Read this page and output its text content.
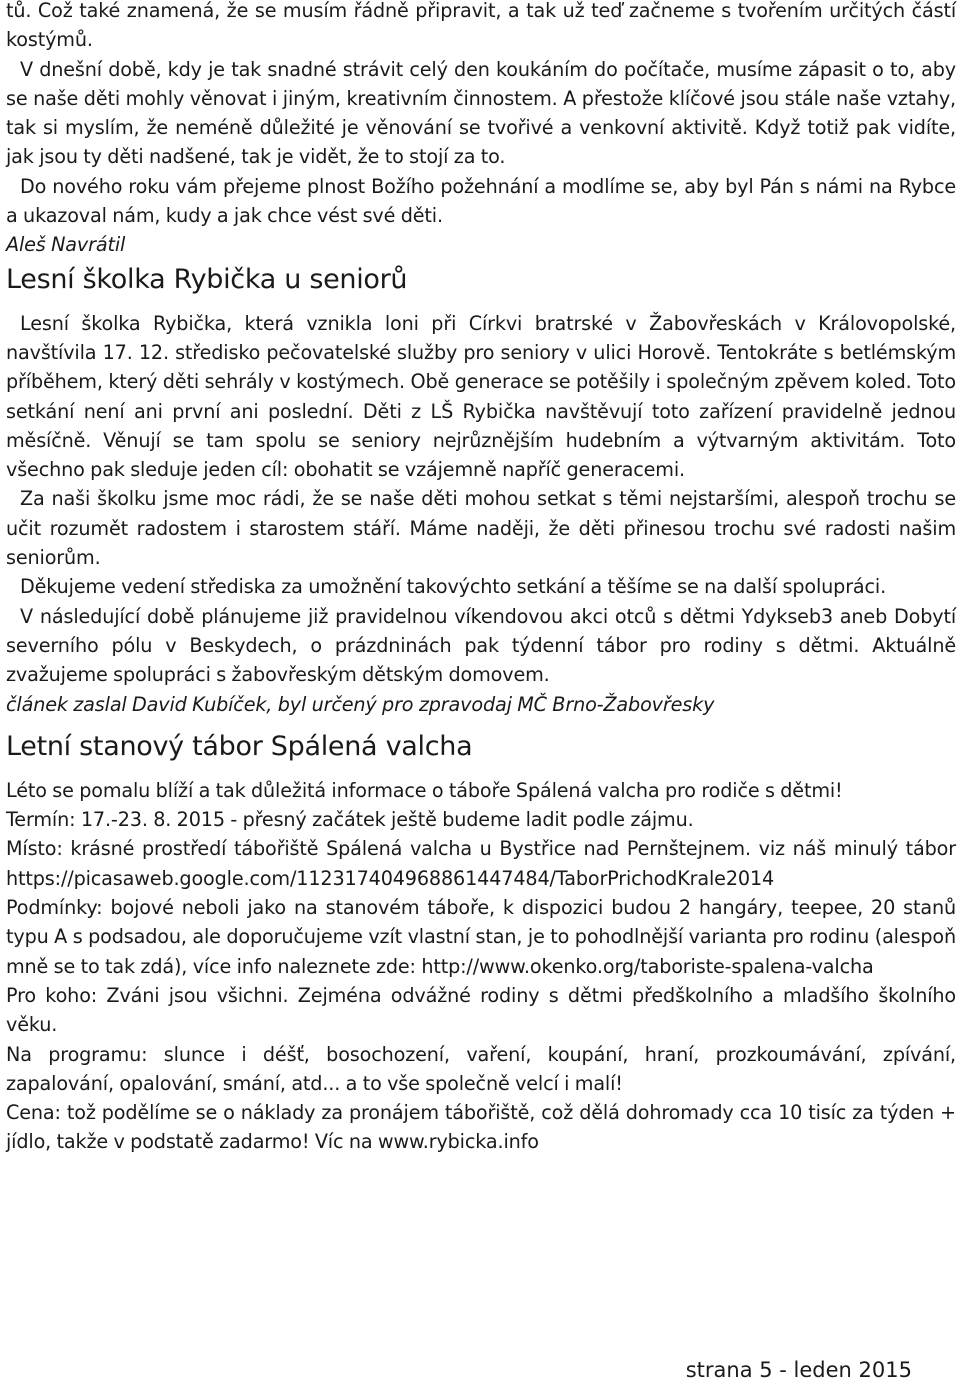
tů. Což také znamená, že se musím řádně připravit, a tak už teď začneme s tvořením určitých částí kostýmů.

V dnešní době, kdy je tak snadné strávit celý den koukáním do počítače, musíme zápasit o to, aby se naše děti mohly věnovat i jiným, kreativním činnostem. A přestože klíčové jsou stále naše vztahy, tak si myslím, že neméně důležité je věnování se tvořivé a venkovní aktivitě. Když totiž pak vidíte, jak jsou ty děti nadšené, tak je vidět, že to stojí za to.

Do nového roku vám přejeme plnost Božího požehnání a modlíme se, aby byl Pán s námi na Rybce a ukazoval nám, kudy a jak chce vést své děti.

Aleš Navrátil

Lesní školka Rybička u seniorů

Lesní školka Rybička, která vznikla loni při Církvi bratrské v Žabovřeskách v Královopolské, navštívila 17. 12. středisko pečovatelské služby pro seniory v ulici Horově. Tentokráte s betlémským příběhem, který děti sehrály v kostýmech. Obě generace se potěšily i společným zpěvem koled. Toto setkání není ani první ani poslední. Děti z LŠ Rybička navštěvují toto zařízení pravidelně jednou měsíčně. Věnují se tam spolu se seniory nejrůznějším hudebním a výtvarným aktivitám. Toto všechno pak sleduje jeden cíl: obohatit se vzájemně napříč generacemi.

Za naši školku jsme moc rádi, že se naše děti mohou setkat s těmi nejstaršími, alespoň trochu se učit rozumět radostem i starostem stáří. Máme naději, že děti přinesou trochu své radosti našim seniorům.

Děkujeme vedení střediska za umožnění takovýchto setkání a těšíme se na další spolupráci.

V následující době plánujeme již pravidelnou víkendovou akci otců s dětmi Ydykseb3 aneb Dobytí severního pólu v Beskydech, o prázdninách pak týdenní tábor pro rodiny s dětmi. Aktuálně zvažujeme spolupráci s žabovřeským dětským domovem.

článek zaslal David Kubíček, byl určený pro zpravodaj MČ Brno-Žabovřesky

Letní stanový tábor Spálená valcha

Léto se pomalu blíží a tak důležitá informace o táboře Spálená valcha pro rodiče s dětmi!

Termín: 17.-23. 8. 2015 - přesný začátek ještě budeme ladit podle zájmu.

Místo: krásné prostředí tábořiště Spálená valcha u Bystřice nad Pernštejnem. viz náš minulý tábor https://picasaweb.google.com/112317404968861447484/TaborPrichodKrale2014

Podmínky: bojové neboli jako na stanovém táboře, k dispozici budou 2 hangáry, teepee, 20 stanů typu A s podsadou, ale doporučujeme vzít vlastní stan, je to pohodlnější varianta pro rodinu (alespoň mně se to tak zdá), více info naleznete zde: http://www.okenko.org/taboriste-spalena-valcha

Pro koho: Zváni jsou všichni. Zejména odvážné rodiny s dětmi předškolního a mladšího školního věku.

Na programu: slunce i déšť, bosochození, vaření, koupání, hraní, prozkoumávání, zpívání, zapalování, opalování, smání, atd... a to vše společně velcí i malí!

Cena: tož podělíme se o náklady za pronájem tábořiště, což dělá dohromady cca 10 tisíc za týden + jídlo, takže v podstatě zadarmo! Víc na www.rybicka.info

strana 5 - leden 2015
